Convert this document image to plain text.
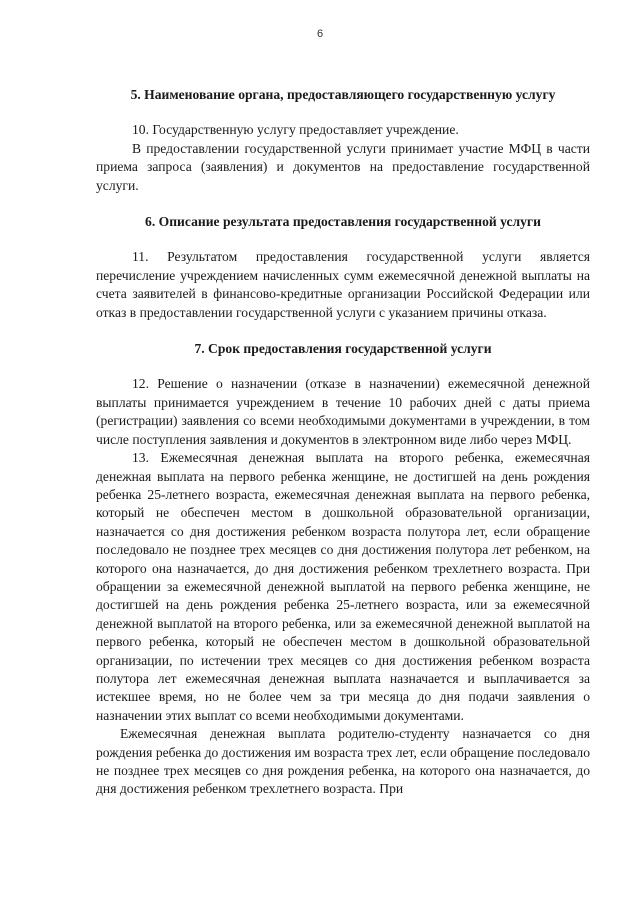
6
5. Наименование органа, предоставляющего государственную услугу

10. Государственную услугу предоставляет учреждение.

В предоставлении государственной услуги принимает участие МФЦ в части приема запроса (заявления) и документов на предоставление государственной услуги.

6. Описание результата предоставления государственной услуги

11. Результатом предоставления государственной услуги является перечисление учреждением начисленных сумм ежемесячной денежной выплаты на счета заявителей в финансово-кредитные организации Российской Федерации или отказ в предоставлении государственной услуги с указанием причины отказа.

7. Срок предоставления государственной услуги

12. Решение о назначении (отказе в назначении) ежемесячной денежной выплаты принимается учреждением в течение 10 рабочих дней с даты приема (регистрации) заявления со всеми необходимыми документами в учреждении, в том числе поступления заявления и документов в электронном виде либо через МФЦ.

13. Ежемесячная денежная выплата на второго ребенка, ежемесячная денежная выплата на первого ребенка женщине, не достигшей на день рождения ребенка 25-летнего возраста, ежемесячная денежная выплата на первого ребенка, который не обеспечен местом в дошкольной образовательной организации, назначается со дня достижения ребенком возраста полутора лет, если обращение последовало не позднее трех месяцев со дня достижения полутора лет ребенком, на которого она назначается, до дня достижения ребенком трехлетнего возраста. При обращении за ежемесячной денежной выплатой на первого ребенка женщине, не достигшей на день рождения ребенка 25-летнего возраста, или за ежемесячной денежной выплатой на второго ребенка, или за ежемесячной денежной выплатой на первого ребенка, который не обеспечен местом в дошкольной образовательной организации, по истечении трех месяцев со дня достижения ребенком возраста полутора лет ежемесячная денежная выплата назначается и выплачивается за истекшее время, но не более чем за три месяца до дня подачи заявления о назначении этих выплат со всеми необходимыми документами.

Ежемесячная денежная выплата родителю-студенту назначается со дня рождения ребенка до достижения им возраста трех лет, если обращение последовало не позднее трех месяцев со дня рождения ребенка, на которого она назначается, до дня достижения ребенком трехлетнего возраста. При
